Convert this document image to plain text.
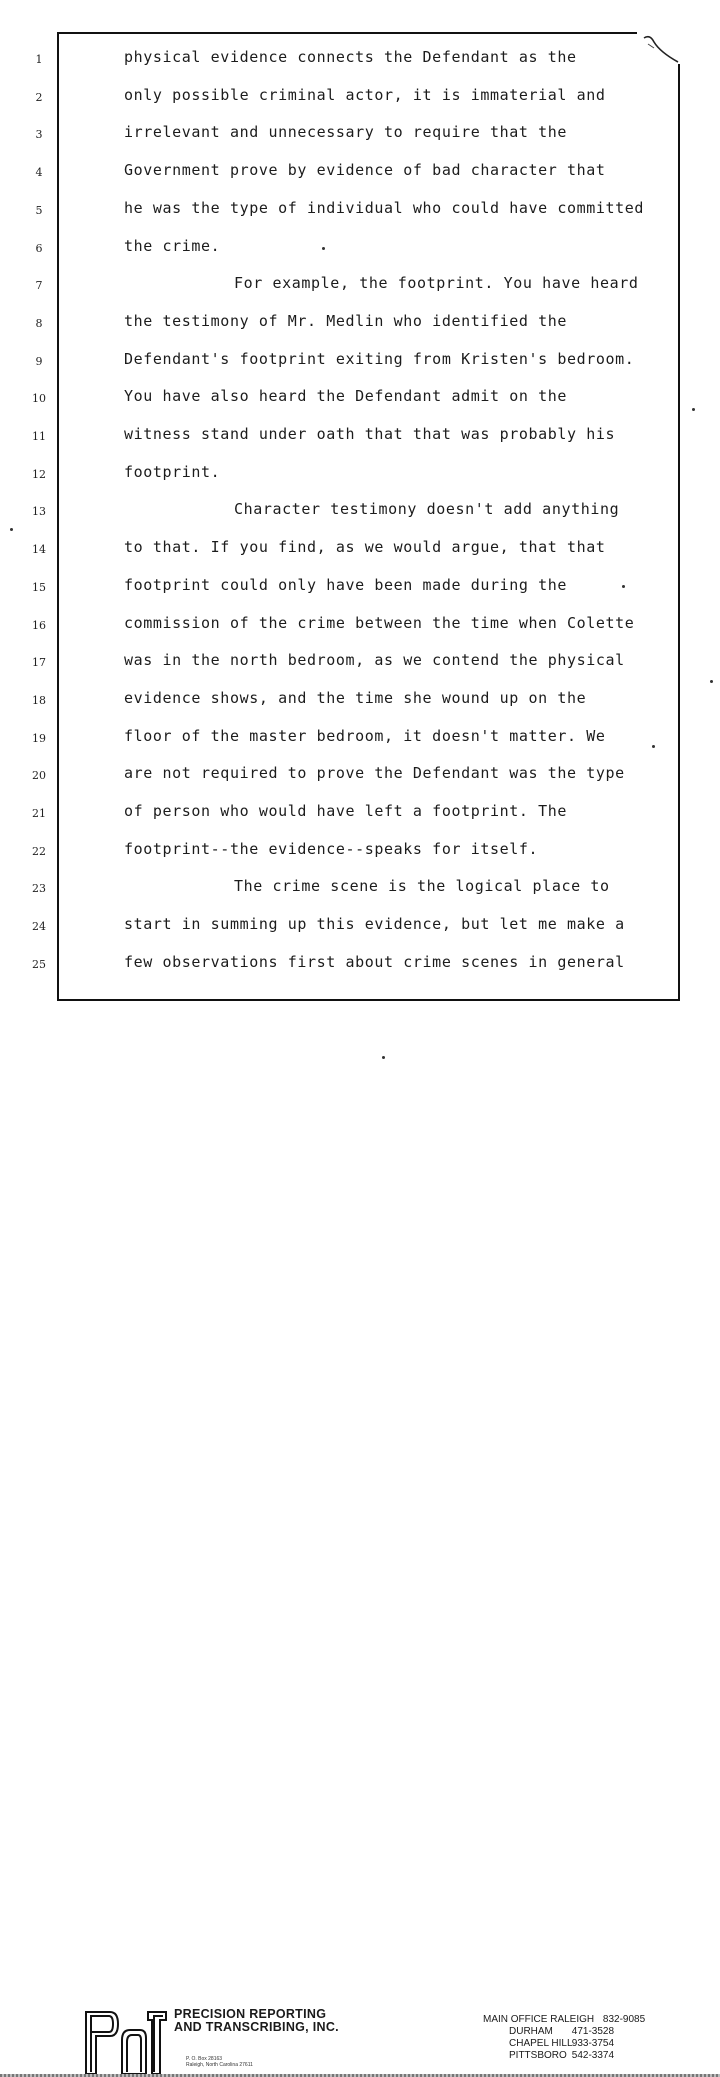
1	physical evidence connects the Defendant as the
2	only possible criminal actor, it is immaterial and
3	irrelevant and unnecessary to require that the
4	Government prove by evidence of bad character that
5	he was the type of individual who could have committed
6	the crime.
7	For example, the footprint. You have heard
8	the testimony of Mr. Medlin who identified the
9	Defendant's footprint exiting from Kristen's bedroom.
10	You have also heard the Defendant admit on the
11	witness stand under oath that that was probably his
12	footprint.
13	Character testimony doesn't add anything
14	to that. If you find, as we would argue, that that
15	footprint could only have been made during the
16	commission of the crime between the time when Colette
17	was in the north bedroom, as we contend the physical
18	evidence shows, and the time she wound up on the
19	floor of the master bedroom, it doesn't matter. We
20	are not required to prove the Defendant was the type
21	of person who would have left a footprint. The
22	footprint--the evidence--speaks for itself.
23	The crime scene is the logical place to
24	start in summing up this evidence, but let me make a
25	few observations first about crime scenes in general
P&T
PRECISION REPORTING
AND TRANSCRIBING, INC.
P. O. Box 28163
Raleigh, North Carolina 27611
MAIN OFFICE RALEIGH 832-9085
DURHAM 471-3528
CHAPEL HILL 933-3754
PITTSBORO 542-3374
